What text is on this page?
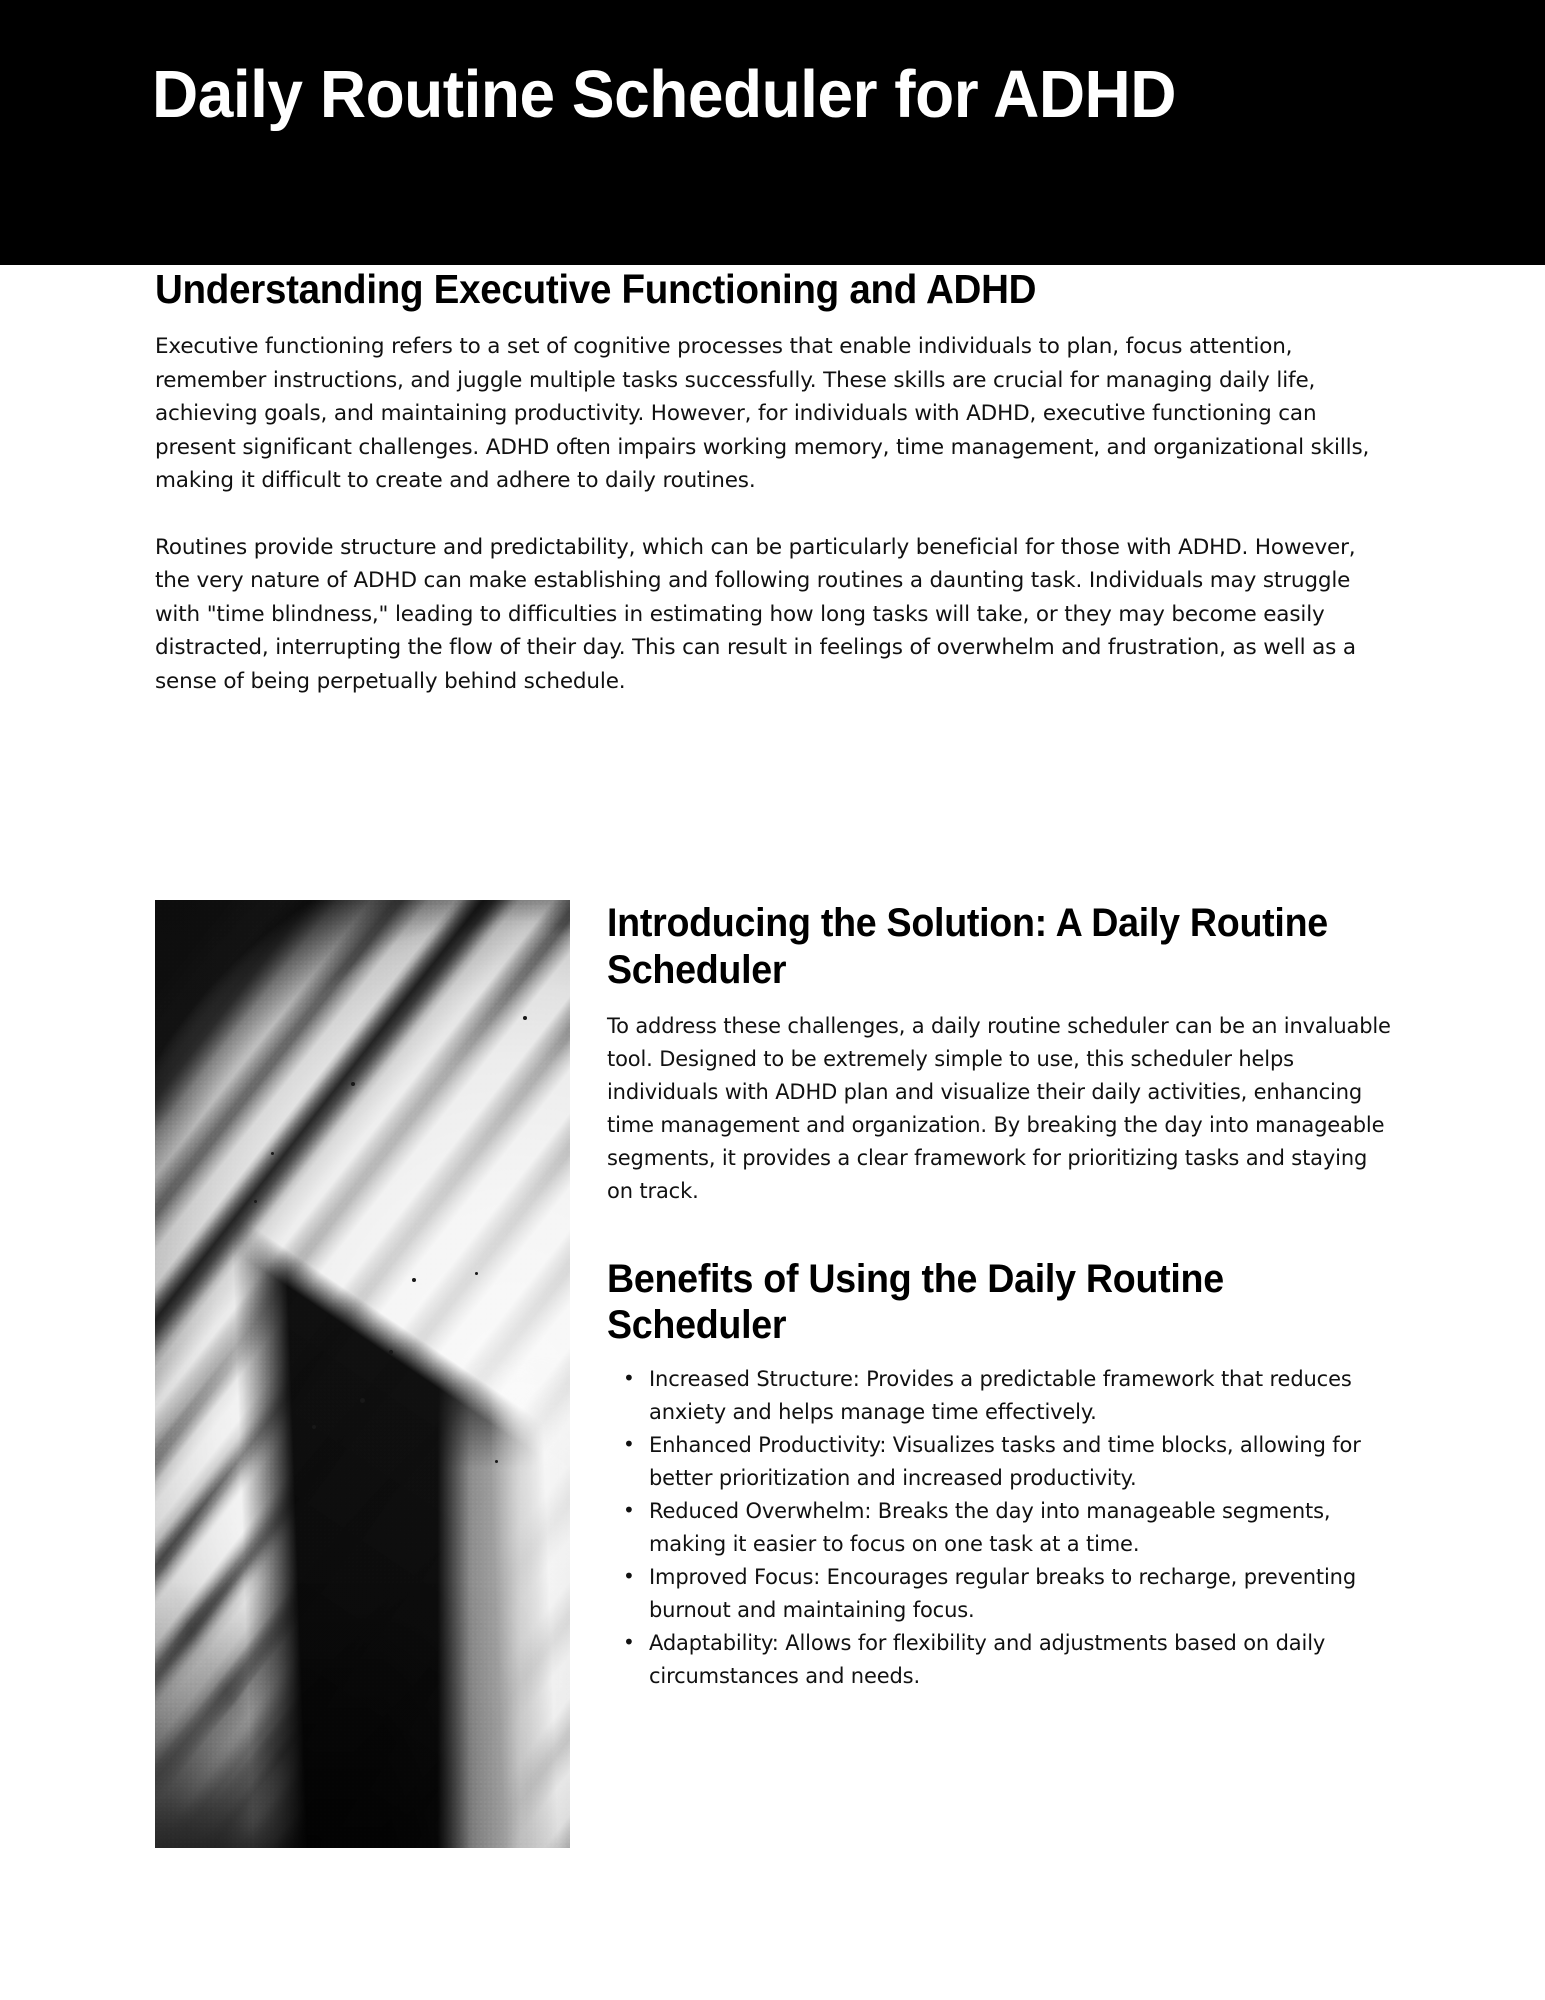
Daily Routine Scheduler for ADHD
Understanding Executive Functioning and ADHD

Executive functioning refers to a set of cognitive processes that enable individuals to plan, focus attention, remember instructions, and juggle multiple tasks successfully. These skills are crucial for managing daily life, achieving goals, and maintaining productivity. However, for individuals with ADHD, executive functioning can present significant challenges. ADHD often impairs working memory, time management, and organizational skills, making it difficult to create and adhere to daily routines.

Routines provide structure and predictability, which can be particularly beneficial for those with ADHD. However, the very nature of ADHD can make establishing and following routines a daunting task. Individuals may struggle with "time blindness," leading to difficulties in estimating how long tasks will take, or they may become easily distracted, interrupting the flow of their day. This can result in feelings of overwhelm and frustration, as well as a sense of being perpetually behind schedule.

Introducing the Solution: A Daily Routine Scheduler

To address these challenges, a daily routine scheduler can be an invaluable tool. Designed to be extremely simple to use, this scheduler helps individuals with ADHD plan and visualize their daily activities, enhancing time management and organization. By breaking the day into manageable segments, it provides a clear framework for prioritizing tasks and staying on track.

Benefits of Using the Daily Routine Scheduler
• Increased Structure: Provides a predictable framework that reduces anxiety and helps manage time effectively.
• Enhanced Productivity: Visualizes tasks and time blocks, allowing for better prioritization and increased productivity.
• Reduced Overwhelm: Breaks the day into manageable segments, making it easier to focus on one task at a time.
• Improved Focus: Encourages regular breaks to recharge, preventing burnout and maintaining focus.
• Adaptability: Allows for flexibility and adjustments based on daily circumstances and needs.
